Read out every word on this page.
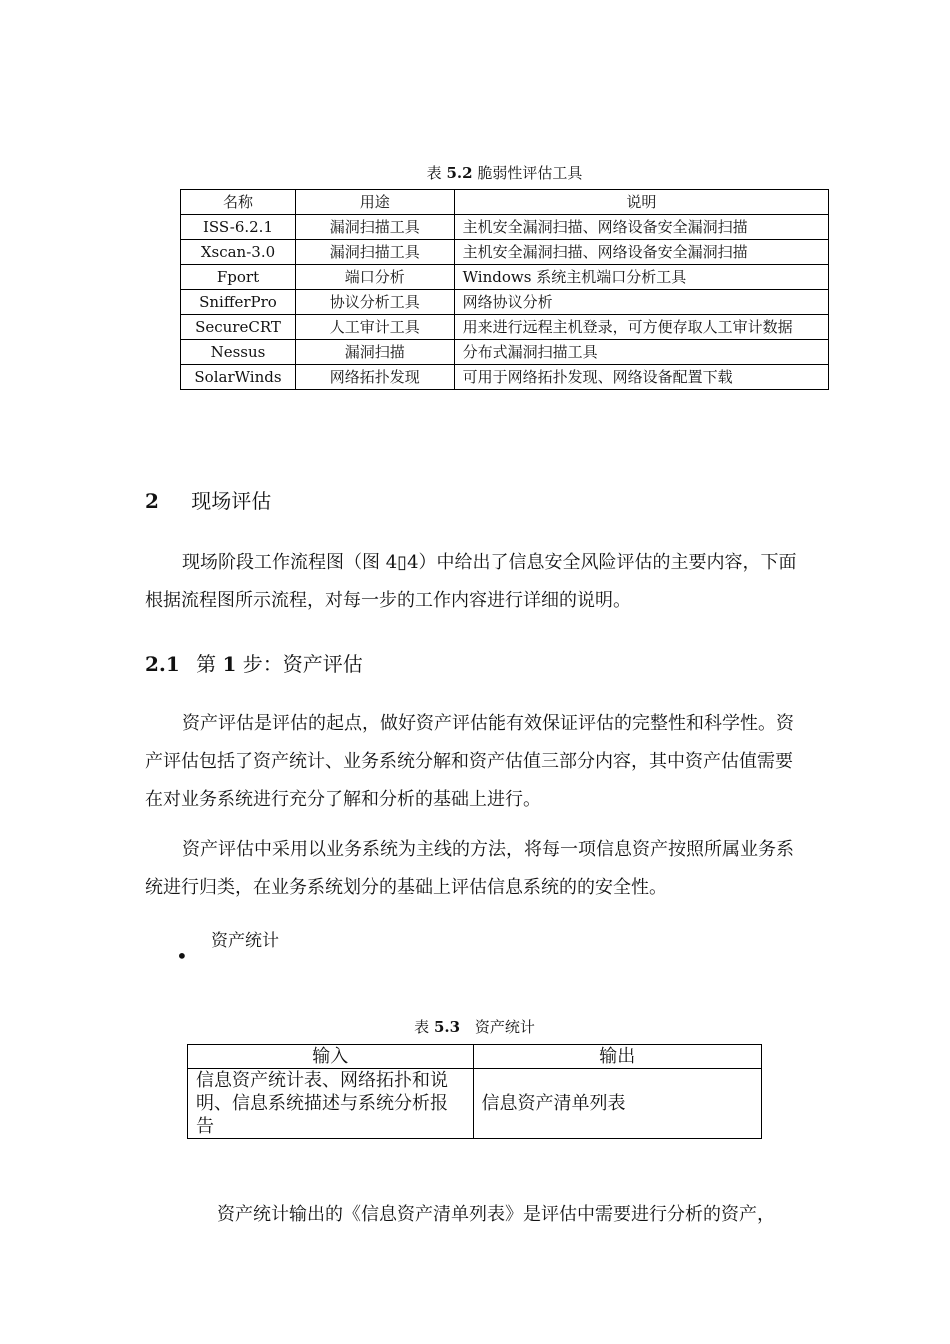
表 5.2 脆弱性评估工具
名称	用途	说明
ISS-6.2.1	漏洞扫描工具	主机安全漏洞扫描、网络设备安全漏洞扫描
Xscan-3.0	漏洞扫描工具	主机安全漏洞扫描、网络设备安全漏洞扫描
Fport	端口分析	Windows 系统主机端口分析工具
SnifferPro	协议分析工具	网络协议分析
SecureCRT	人工审计工具	用来进行远程主机登录，可方便存取人工审计数据
Nessus	漏洞扫描	分布式漏洞扫描工具
SolarWinds	网络拓扑发现	可用于网络拓扑发现、网络设备配置下载
2 现场评估

现场阶段工作流程图（图 4▯4）中给出了信息安全风险评估的主要内容，下面根据流程图所示流程，对每一步的工作内容进行详细的说明。

2.1 第 1 步：资产评估

资产评估是评估的起点，做好资产评估能有效保证评估的完整性和科学性。资产评估包括了资产统计、业务系统分解和资产估值三部分内容，其中资产估值需要在对业务系统进行充分了解和分析的基础上进行。

资产评估中采用以业务系统为主线的方法，将每一项信息资产按照所属业务系统进行归类，在业务系统划分的基础上评估信息系统的的安全性。

•
资产统计
表 5.3 资产统计
输入	输出
信息资产统计表、网络拓扑和说明、信息系统描述与系统分析报告	信息资产清单列表

资产统计输出的《信息资产清单列表》是评估中需要进行分析的资产，
